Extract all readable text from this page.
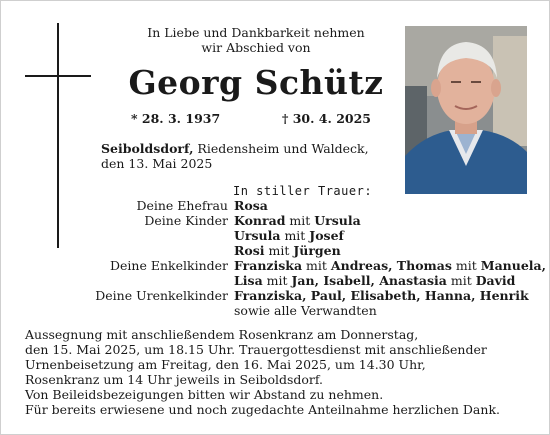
In Liebe und Dankbarkeit nehmen
wir Abschied von
Georg Schütz
* 28. 3. 1937	† 30. 4. 2025
Seiboldsdorf, Riedensheim und Waldeck,
den 13. Mai 2025
In stiller Trauer:
Deine Ehefrau Rosa
Deine Kinder Konrad mit Ursula
Ursula mit Josef
Rosi mit Jürgen
Deine Enkelkinder Franziska mit Andreas, Thomas mit Manuela,
Lisa mit Jan, Isabell, Anastasia mit David
Deine Urenkelkinder Franziska, Paul, Elisabeth, Hanna, Henrik
sowie alle Verwandten
Aussegnung mit anschließendem Rosenkranz am Donnerstag,
den 15. Mai 2025, um 18.15 Uhr. Trauergottesdienst mit anschließender
Urnenbeisetzung am Freitag, den 16. Mai 2025, um 14.30 Uhr,
Rosenkranz um 14 Uhr jeweils in Seiboldsdorf.
Von Beileidsbezeigungen bitten wir Abstand zu nehmen.
Für bereits erwiesene und noch zugedachte Anteilnahme herzlichen Dank.
